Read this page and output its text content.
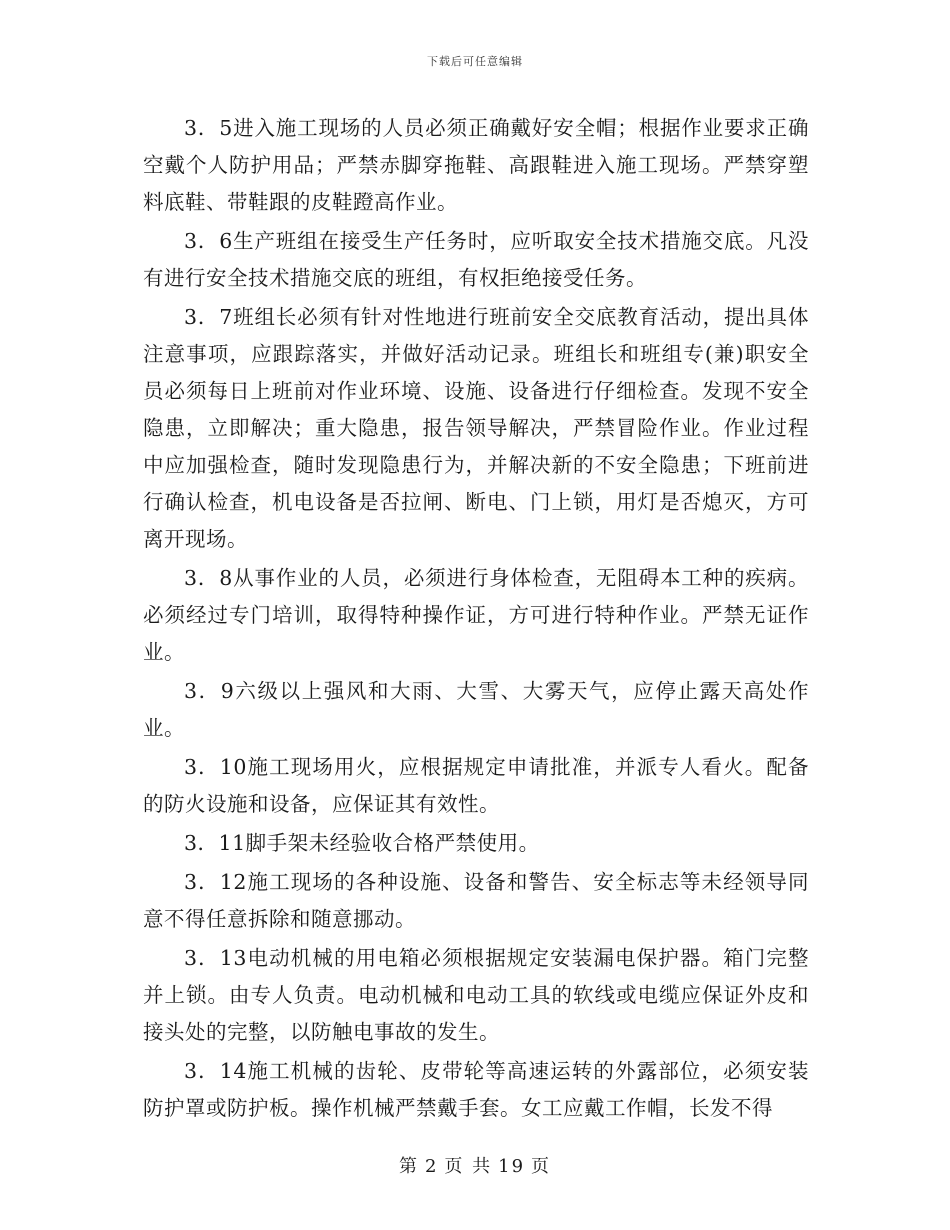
下载后可任意编辑

3．5进入施工现场的人员必须正确戴好安全帽；根据作业要求正确空戴个人防护用品；严禁赤脚穿拖鞋、高跟鞋进入施工现场。严禁穿塑料底鞋、带鞋跟的皮鞋蹬高作业。

3．6生产班组在接受生产任务时，应听取安全技术措施交底。凡没有进行安全技术措施交底的班组，有权拒绝接受任务。

3．7班组长必须有针对性地进行班前安全交底教育活动，提出具体注意事项，应跟踪落实，并做好活动记录。班组长和班组专(兼)职安全员必须每日上班前对作业环境、设施、设备进行仔细检查。发现不安全隐患，立即解决；重大隐患，报告领导解决，严禁冒险作业。作业过程中应加强检查，随时发现隐患行为，并解决新的不安全隐患；下班前进行确认检查，机电设备是否拉闸、断电、门上锁，用灯是否熄灭，方可离开现场。

3．8从事作业的人员，必须进行身体检查，无阻碍本工种的疾病。必须经过专门培训，取得特种操作证，方可进行特种作业。严禁无证作业。

3．9六级以上强风和大雨、大雪、大雾天气，应停止露天高处作业。

3．10施工现场用火，应根据规定申请批准，并派专人看火。配备的防火设施和设备，应保证其有效性。

3．11脚手架未经验收合格严禁使用。

3．12施工现场的各种设施、设备和警告、安全标志等未经领导同意不得任意拆除和随意挪动。

3．13电动机械的用电箱必须根据规定安装漏电保护器。箱门完整并上锁。由专人负责。电动机械和电动工具的软线或电缆应保证外皮和接头处的完整，以防触电事故的发生。

3．14施工机械的齿轮、皮带轮等高速运转的外露部位，必须安装防护罩或防护板。操作机械严禁戴手套。女工应戴工作帽，长发不得

第 2 页 共 19 页
